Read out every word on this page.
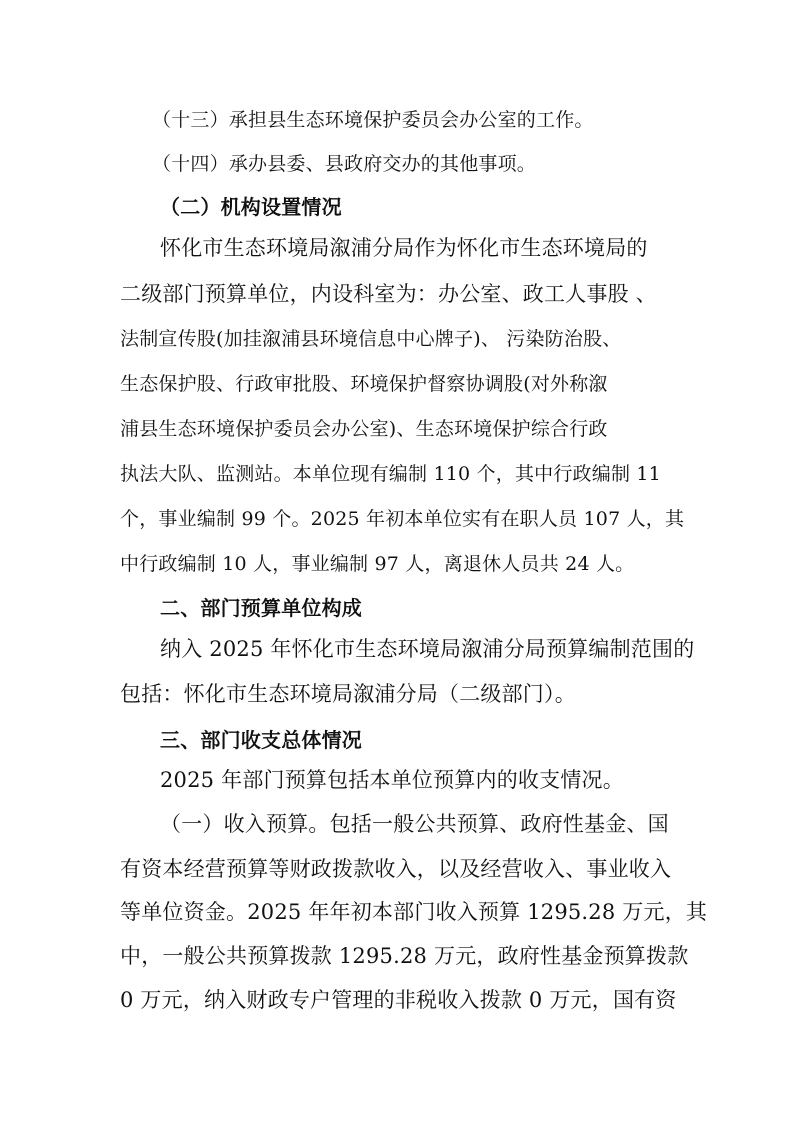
（十三）承担县生态环境保护委员会办公室的工作。
（十四）承办县委、县政府交办的其他事项。
（二）机构设置情况
怀化市生态环境局溆浦分局作为怀化市生态环境局的
二级部门预算单位，内设科室为：办公室、政工人事股 、
法制宣传股(加挂溆浦县环境信息中心牌子)、 污染防治股、
生态保护股、行政审批股、环境保护督察协调股(对外称溆
浦县生态环境保护委员会办公室)、生态环境保护综合行政
执法大队、监测站。本单位现有编制 110 个，其中行政编制 11
个，事业编制 99 个。2025 年初本单位实有在职人员 107 人，其
中行政编制 10 人，事业编制 97 人，离退休人员共 24 人。
二、部门预算单位构成
纳入 2025 年怀化市生态环境局溆浦分局预算编制范围的
包括：怀化市生态环境局溆浦分局（二级部门）。
三、部门收支总体情况
2025 年部门预算包括本单位预算内的收支情况。
（一）收入预算。包括一般公共预算、政府性基金、国
有资本经营预算等财政拨款收入，以及经营收入、事业收入
等单位资金。2025 年年初本部门收入预算 1295.28 万元，其
中，一般公共预算拨款 1295.28 万元，政府性基金预算拨款
0 万元，纳入财政专户管理的非税收入拨款 0 万元，国有资
